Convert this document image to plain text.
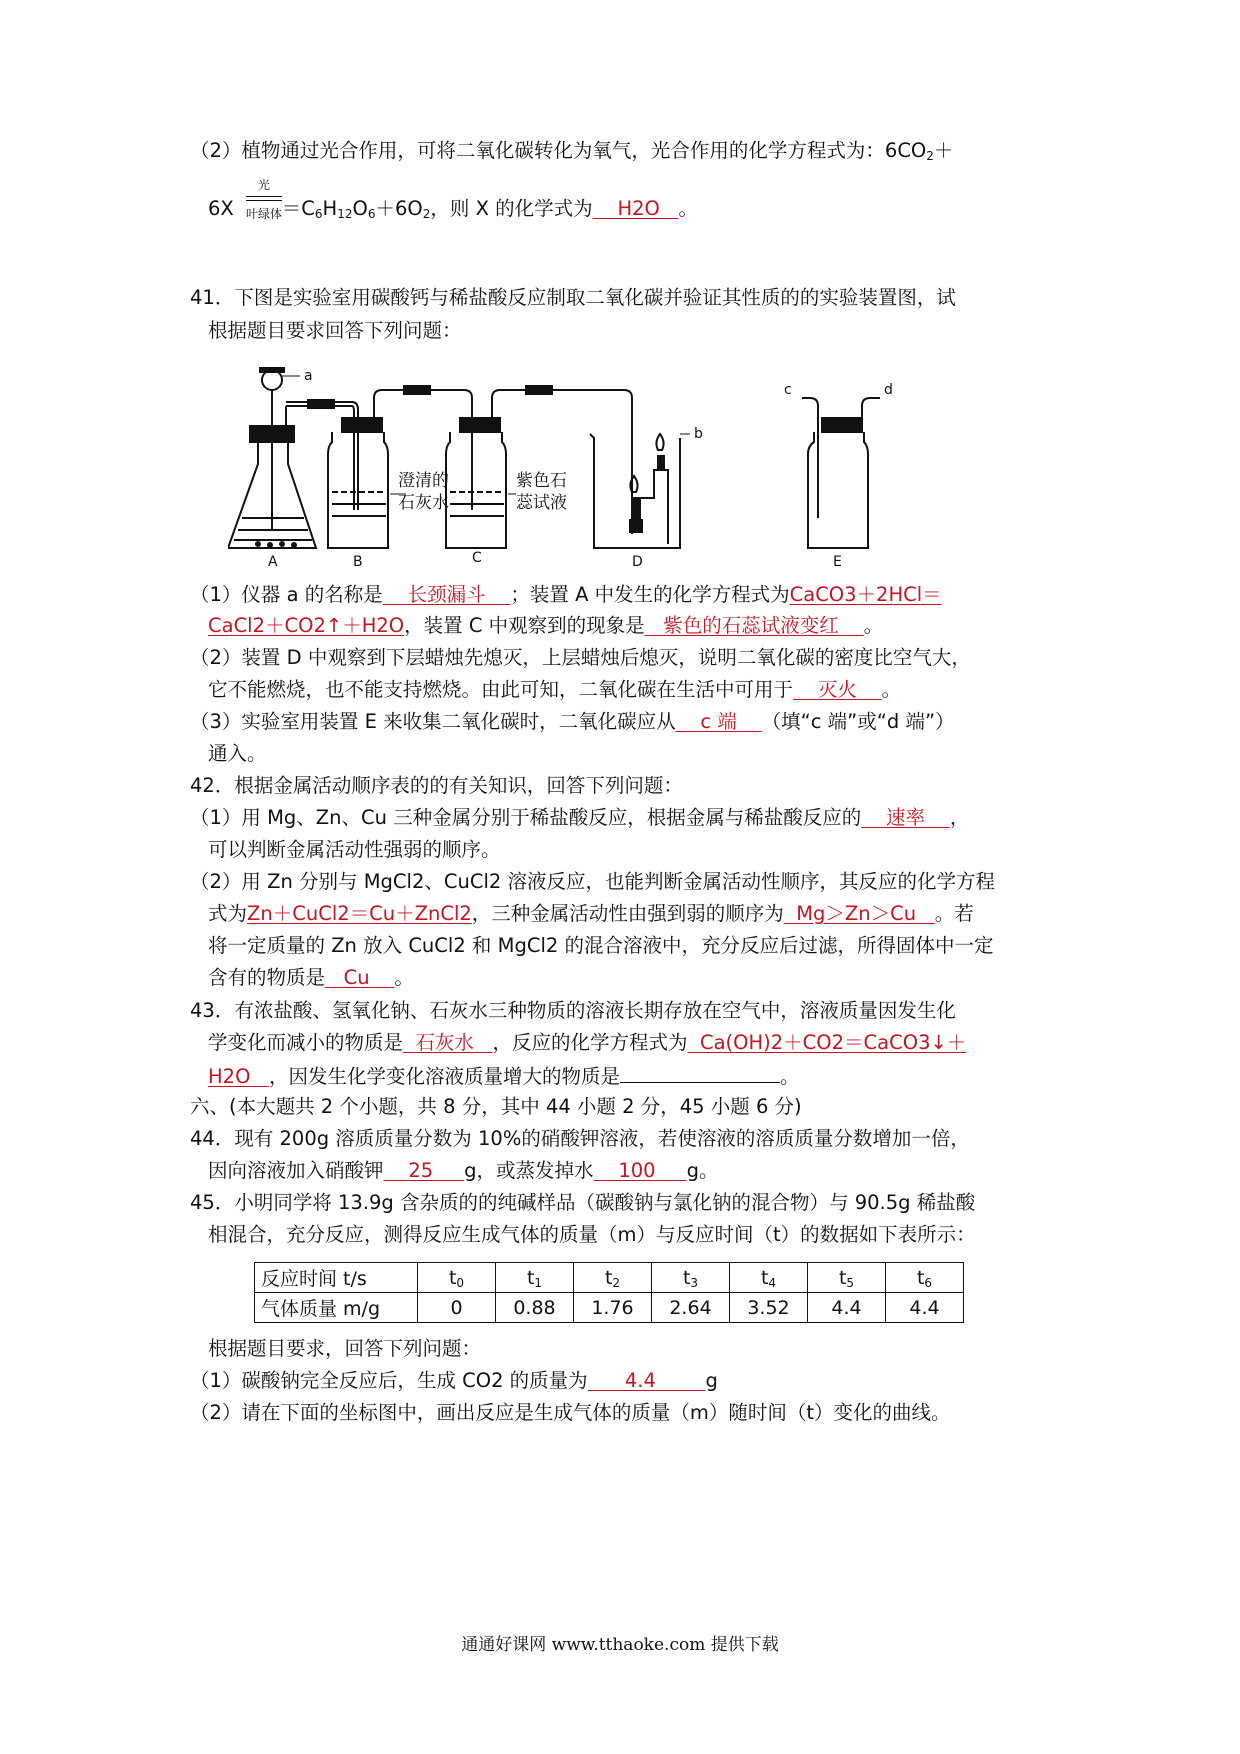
（2）植物通过光合作用，可将二氧化碳转化为氧气，光合作用的化学方程式为：$6CO_2+$
光
叶绿体
$6X =C_6H_{12}O_6+6O_2$，则 X 的化学式为 H2O 。
41．下图是实验室用碳酸钙与稀盐酸反应制取二氧化碳并验证其性质的的实验装置图，试
根据题目要求回答下列问题：
a
澄清的
石灰水
紫色石
蕊试液
b
c	d
A	B	C	D	E
（1）仪器 a 的名称是 长颈漏斗 ；装置 A 中发生的化学方程式为CaCO3＋2HCl＝
CaCl2＋CO2↑＋H2O，装置 C 中观察到的现象是 紫色的石蕊试液变红 。
（2）装置 D 中观察到下层蜡烛先熄灭，上层蜡烛后熄灭，说明二氧化碳的密度比空气大，
它不能燃烧，也不能支持燃烧。由此可知，二氧化碳在生活中可用于 灭火 。
（3）实验室用装置 E 来收集二氧化碳时，二氧化碳应从 c 端 （填“c 端”或“d 端”）
通入。
42．根据金属活动顺序表的的有关知识，回答下列问题：
（1）用 Mg、Zn、Cu 三种金属分别于稀盐酸反应，根据金属与稀盐酸反应的 速率 ，
可以判断金属活动性强弱的顺序。
（2）用 Zn 分别与 MgCl2、CuCl2 溶液反应，也能判断金属活动性顺序，其反应的化学方程
式为Zn＋CuCl2＝Cu＋ZnCl2，三种金属活动性由强到弱的顺序为 Mg＞Zn＞Cu 。若
将一定质量的 Zn 放入 CuCl2 和 MgCl2 的混合溶液中，充分反应后过滤，所得固体中一定
含有的物质是 Cu 。
43．有浓盐酸、氢氧化钠、石灰水三种物质的溶液长期存放在空气中，溶液质量因发生化
学变化而减小的物质是 石灰水 ，反应的化学方程式为 Ca(OH)2＋CO2＝CaCO3↓＋
H2O ，因发生化学变化溶液质量增大的物质是	。
六、(本大题共 2 个小题，共 8 分，其中 44 小题 2 分，45 小题 6 分)
44．现有 200g 溶质质量分数为 10%的硝酸钾溶液，若使溶液的溶质质量分数增加一倍，
因向溶液加入硝酸钾 25 g，或蒸发掉水 100 g。
45．小明同学将 13.9g 含杂质的的纯碱样品（碳酸钠与氯化钠的混合物）与 90.5g 稀盐酸
相混合，充分反应，测得反应生成气体的质量（m）与反应时间（t）的数据如下表所示：
反应时间 t/s	$t_0$	$t_1$	$t_2$	$t_3$	$t_4$	$t_5$	$t_6$
气体质量 m/g	0	0.88	1.76	2.64	3.52	4.4	4.4
根据题目要求，回答下列问题：
（1）碳酸钠完全反应后，生成 CO2 的质量为 4.4	g
（2）请在下面的坐标图中，画出反应是生成气体的质量（m）随时间（t）变化的曲线。
通通好课网 www.tthaoke.com 提供下载
